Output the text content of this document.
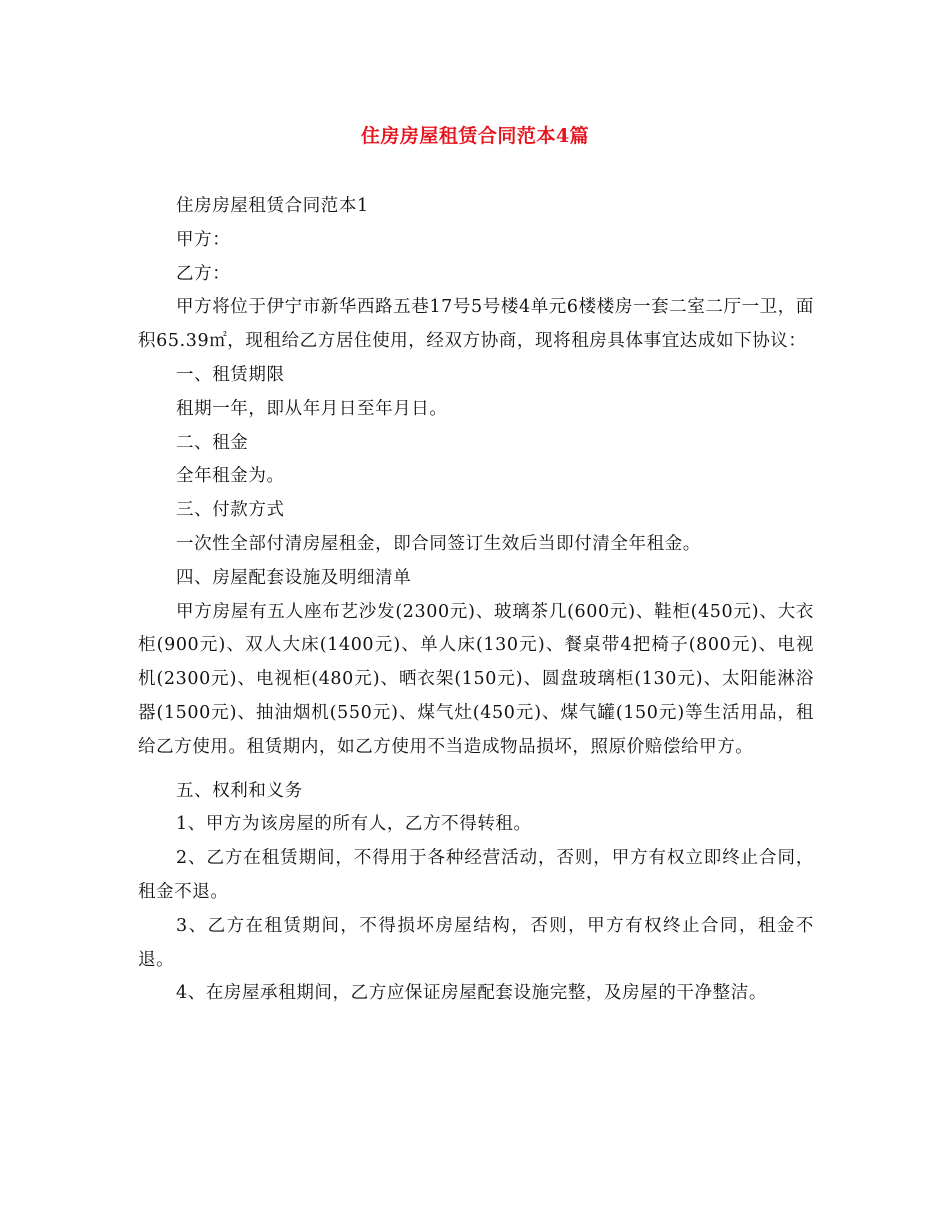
住房房屋租赁合同范本4篇

住房房屋租赁合同范本1

甲方：

乙方：

甲方将位于伊宁市新华西路五巷17号5号楼4单元6楼楼房一套二室二厅一卫，面积65.39㎡，现租给乙方居住使用，经双方协商，现将租房具体事宜达成如下协议：

一、租赁期限

租期一年，即从年月日至年月日。

二、租金

全年租金为。

三、付款方式

一次性全部付清房屋租金，即合同签订生效后当即付清全年租金。

四、房屋配套设施及明细清单

甲方房屋有五人座布艺沙发(2300元)、玻璃茶几(600元)、鞋柜(450元)、大衣柜(900元)、双人大床(1400元)、单人床(130元)、餐桌带4把椅子(800元)、电视机(2300元)、电视柜(480元)、晒衣架(150元)、圆盘玻璃柜(130元)、太阳能淋浴器(1500元)、抽油烟机(550元)、煤气灶(450元)、煤气罐(150元)等生活用品，租给乙方使用。租赁期内，如乙方使用不当造成物品损坏，照原价赔偿给甲方。

五、权利和义务

1、甲方为该房屋的所有人，乙方不得转租。

2、乙方在租赁期间，不得用于各种经营活动，否则，甲方有权立即终止合同，租金不退。

3、乙方在租赁期间，不得损坏房屋结构，否则，甲方有权终止合同，租金不退。

4、在房屋承租期间，乙方应保证房屋配套设施完整，及房屋的干净整洁。
